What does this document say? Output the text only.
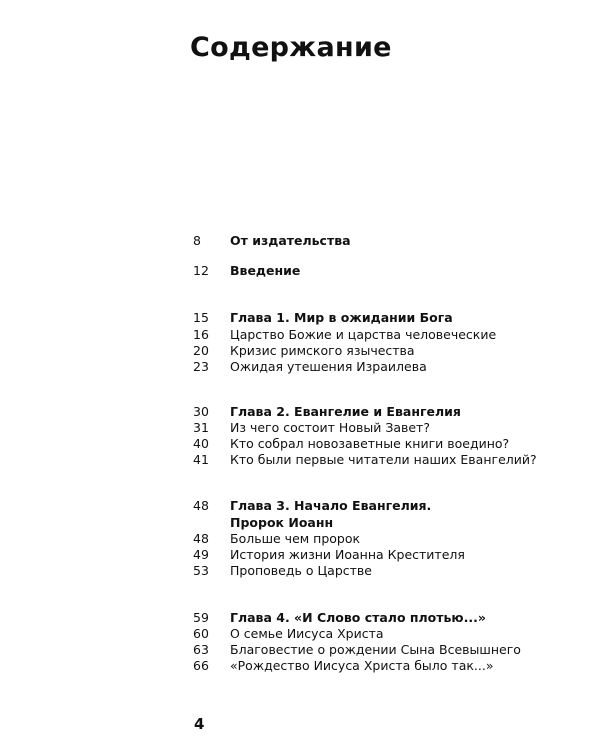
Содержание
8	От издательства
12	Введение
15	Глава 1. Мир в ожидании Бога
16	Царство Божие и царства человеческие
20	Кризис римского язычества
23	Ожидая утешения Израилева
30	Глава 2. Евангелие и Евангелия
31	Из чего состоит Новый Завет?
40	Кто собрал новозаветные книги воедино?
41	Кто были первые читатели наших Евангелий?
48	Глава 3. Начало Евангелия.
Пророк Иоанн
48	Больше чем пророк
49	История жизни Иоанна Крестителя
53	Проповедь о Царстве
59	Глава 4. «И Слово стало плотью...»
60	О семье Иисуса Христа
63	Благовестие о рождении Сына Всевышнего
66	«Рождество Иисуса Христа было так...»
4
